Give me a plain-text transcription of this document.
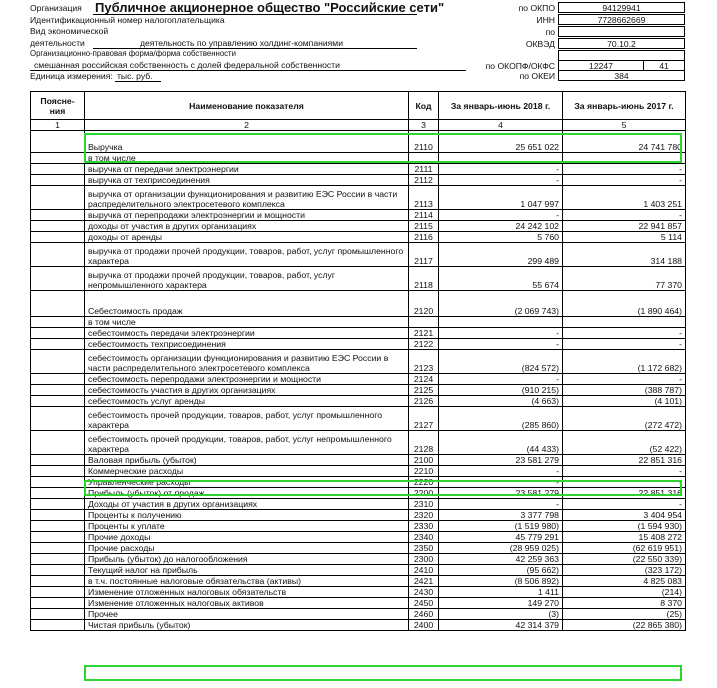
Организация Публичное акционерное общество "Российские сети"
Идентификационный номер налогоплательщика
Вид экономической
деятельности	деятельность по управлению холдинг-компаниями
Организационно-правовая форма/форма собственности
смешанная российская собственность с долей федеральной собственности
Единица измерения: тыс. руб.
по ОКПО	94129941
ИНН	7728662669
по
ОКВЭД	70.10.2
по ОКОПФ/ОКФС	12247	41
по ОКЕИ	384
Поясне-ния	Наименование показателя	Код	За январь-июнь 2018 г.	За январь-июнь 2017 г.
1	2	3	4	5
	Выручка	2110	25 651 022	24 741 780
	в том числе			
	выручка от передачи электроэнергии	2111	-	-
	выручка от техприсоединения	2112	-	-
	выручка от организации функционирования и развитию ЕЭС России в части распределительного электросетевого комплекса	2113	1 047 997	1 403 251
	выручка от перепродажи электроэнергии и мощности	2114	-	-
	доходы от участия в других организациях	2115	24 242 102	22 941 857
	доходы от аренды	2116	5 760	5 114
	выручка от продажи прочей продукции, товаров, работ, услуг промышленного характера	2117	299 489	314 188
	выручка от продажи прочей продукции, товаров, работ, услуг непромышленного характера	2118	55 674	77 370
	Себестоимость продаж	2120	(2 069 743)	(1 890 464)
	в том числе			
	себестоимость передачи электроэнергии	2121	-	-
	себестоимость техприсоединения	2122	-	-
	себестоимость организации функционирования и развитию ЕЭС России в части распределительного электросетевого комплекса	2123	(824 572)	(1 172 682)
	себестоимость перепродажи электроэнергии и мощности	2124	-	-
	себестоимость участия в других организациях	2125	(910 215)	(388 787)
	себестоимость услуг аренды	2126	(4 663)	(4 101)
	себестоимость прочей продукции, товаров, работ, услуг промышленного характера	2127	(285 860)	(272 472)
	себестоимость прочей продукции, товаров, работ, услуг непромышленного характера	2128	(44 433)	(52 422)
	Валовая прибыль (убыток)	2100	23 581 279	22 851 316
	Коммерческие расходы	2210	-	-
	Управленческие расходы	2220	-	-
	Прибыль (убыток) от продаж	2200	23 581 279	22 851 316
	Доходы от участия в других организациях	2310	-	-
	Проценты к получению	2320	3 377 798	3 404 954
	Проценты к уплате	2330	(1 519 980)	(1 594 930)
	Прочие доходы	2340	45 779 291	15 408 272
	Прочие расходы	2350	(28 959 025)	(62 619 951)
	Прибыль (убыток) до налогообложения	2300	42 259 363	(22 550 339)
	Текущий налог на прибыль	2410	(95 662)	(323 172)
	в т.ч. постоянные налоговые обязательства (активы)	2421	(8 506 892)	4 825 083
	Изменение отложенных налоговых обязательств	2430	1 411	(214)
	Изменение отложенных налоговых активов	2450	149 270	8 370
	Прочее	2460	(3)	(25)
	Чистая прибыль (убыток)	2400	42 314 379	(22 865 380)
